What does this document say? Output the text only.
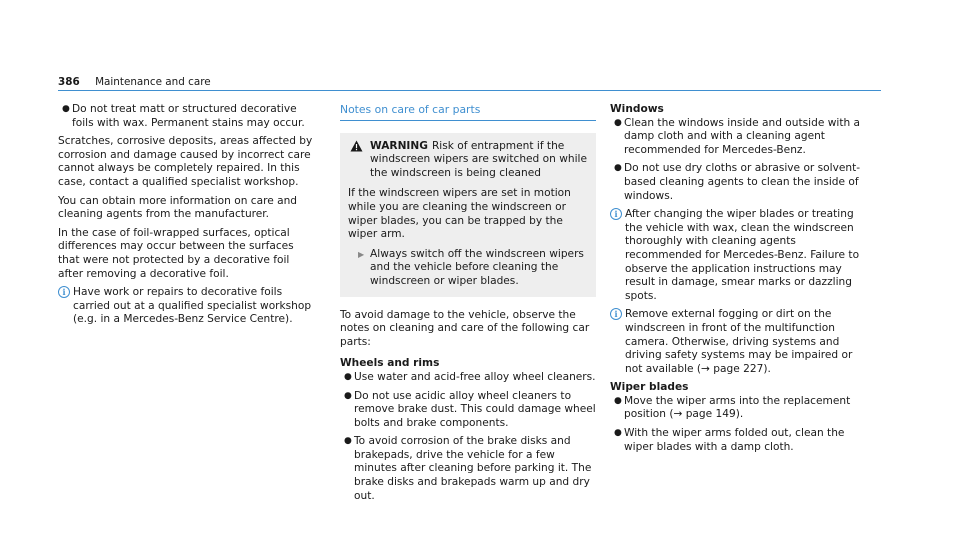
386 Maintenance and care
● Do not treat matt or structured decorative foils with wax. Permanent stains may occur.

Scratches, corrosive deposits, areas affected by corrosion and damage caused by incorrect care cannot always be completely repaired. In this case, contact a qualified specialist workshop.

You can obtain more information on care and cleaning agents from the manufacturer.

In the case of foil-wrapped surfaces, optical differences may occur between the surfaces that were not protected by a decorative foil after removing a decorative foil.

i Have work or repairs to decorative foils carried out at a qualified specialist workshop (e.g. in a Mercedes-Benz Service Centre).
Notes on care of car parts
WARNING Risk of entrapment if the windscreen wipers are switched on while the windscreen is being cleaned

If the windscreen wipers are set in motion while you are cleaning the windscreen or wiper blades, you can be trapped by the wiper arm.

▶ Always switch off the windscreen wipers and the vehicle before cleaning the windscreen or wiper blades.

To avoid damage to the vehicle, observe the notes on cleaning and care of the following car parts:

Wheels and rims

● Use water and acid-free alloy wheel cleaners.
● Do not use acidic alloy wheel cleaners to remove brake dust. This could damage wheel bolts and brake components.
● To avoid corrosion of the brake disks and brakepads, drive the vehicle for a few minutes after cleaning before parking it. The brake disks and brakepads warm up and dry out.

Windows

● Clean the windows inside and outside with a damp cloth and with a cleaning agent recommended for Mercedes-Benz.
● Do not use dry cloths or abrasive or solvent-based cleaning agents to clean the inside of windows.
i After changing the wiper blades or treating the vehicle with wax, clean the windscreen thoroughly with cleaning agents recommended for Mercedes-Benz. Failure to observe the application instructions may result in damage, smear marks or dazzling spots.
i Remove external fogging or dirt on the windscreen in front of the multifunction camera. Otherwise, driving systems and driving safety systems may be impaired or not available (→ page 227).

Wiper blades

● Move the wiper arms into the replacement position (→ page 149).
● With the wiper arms folded out, clean the wiper blades with a damp cloth.
